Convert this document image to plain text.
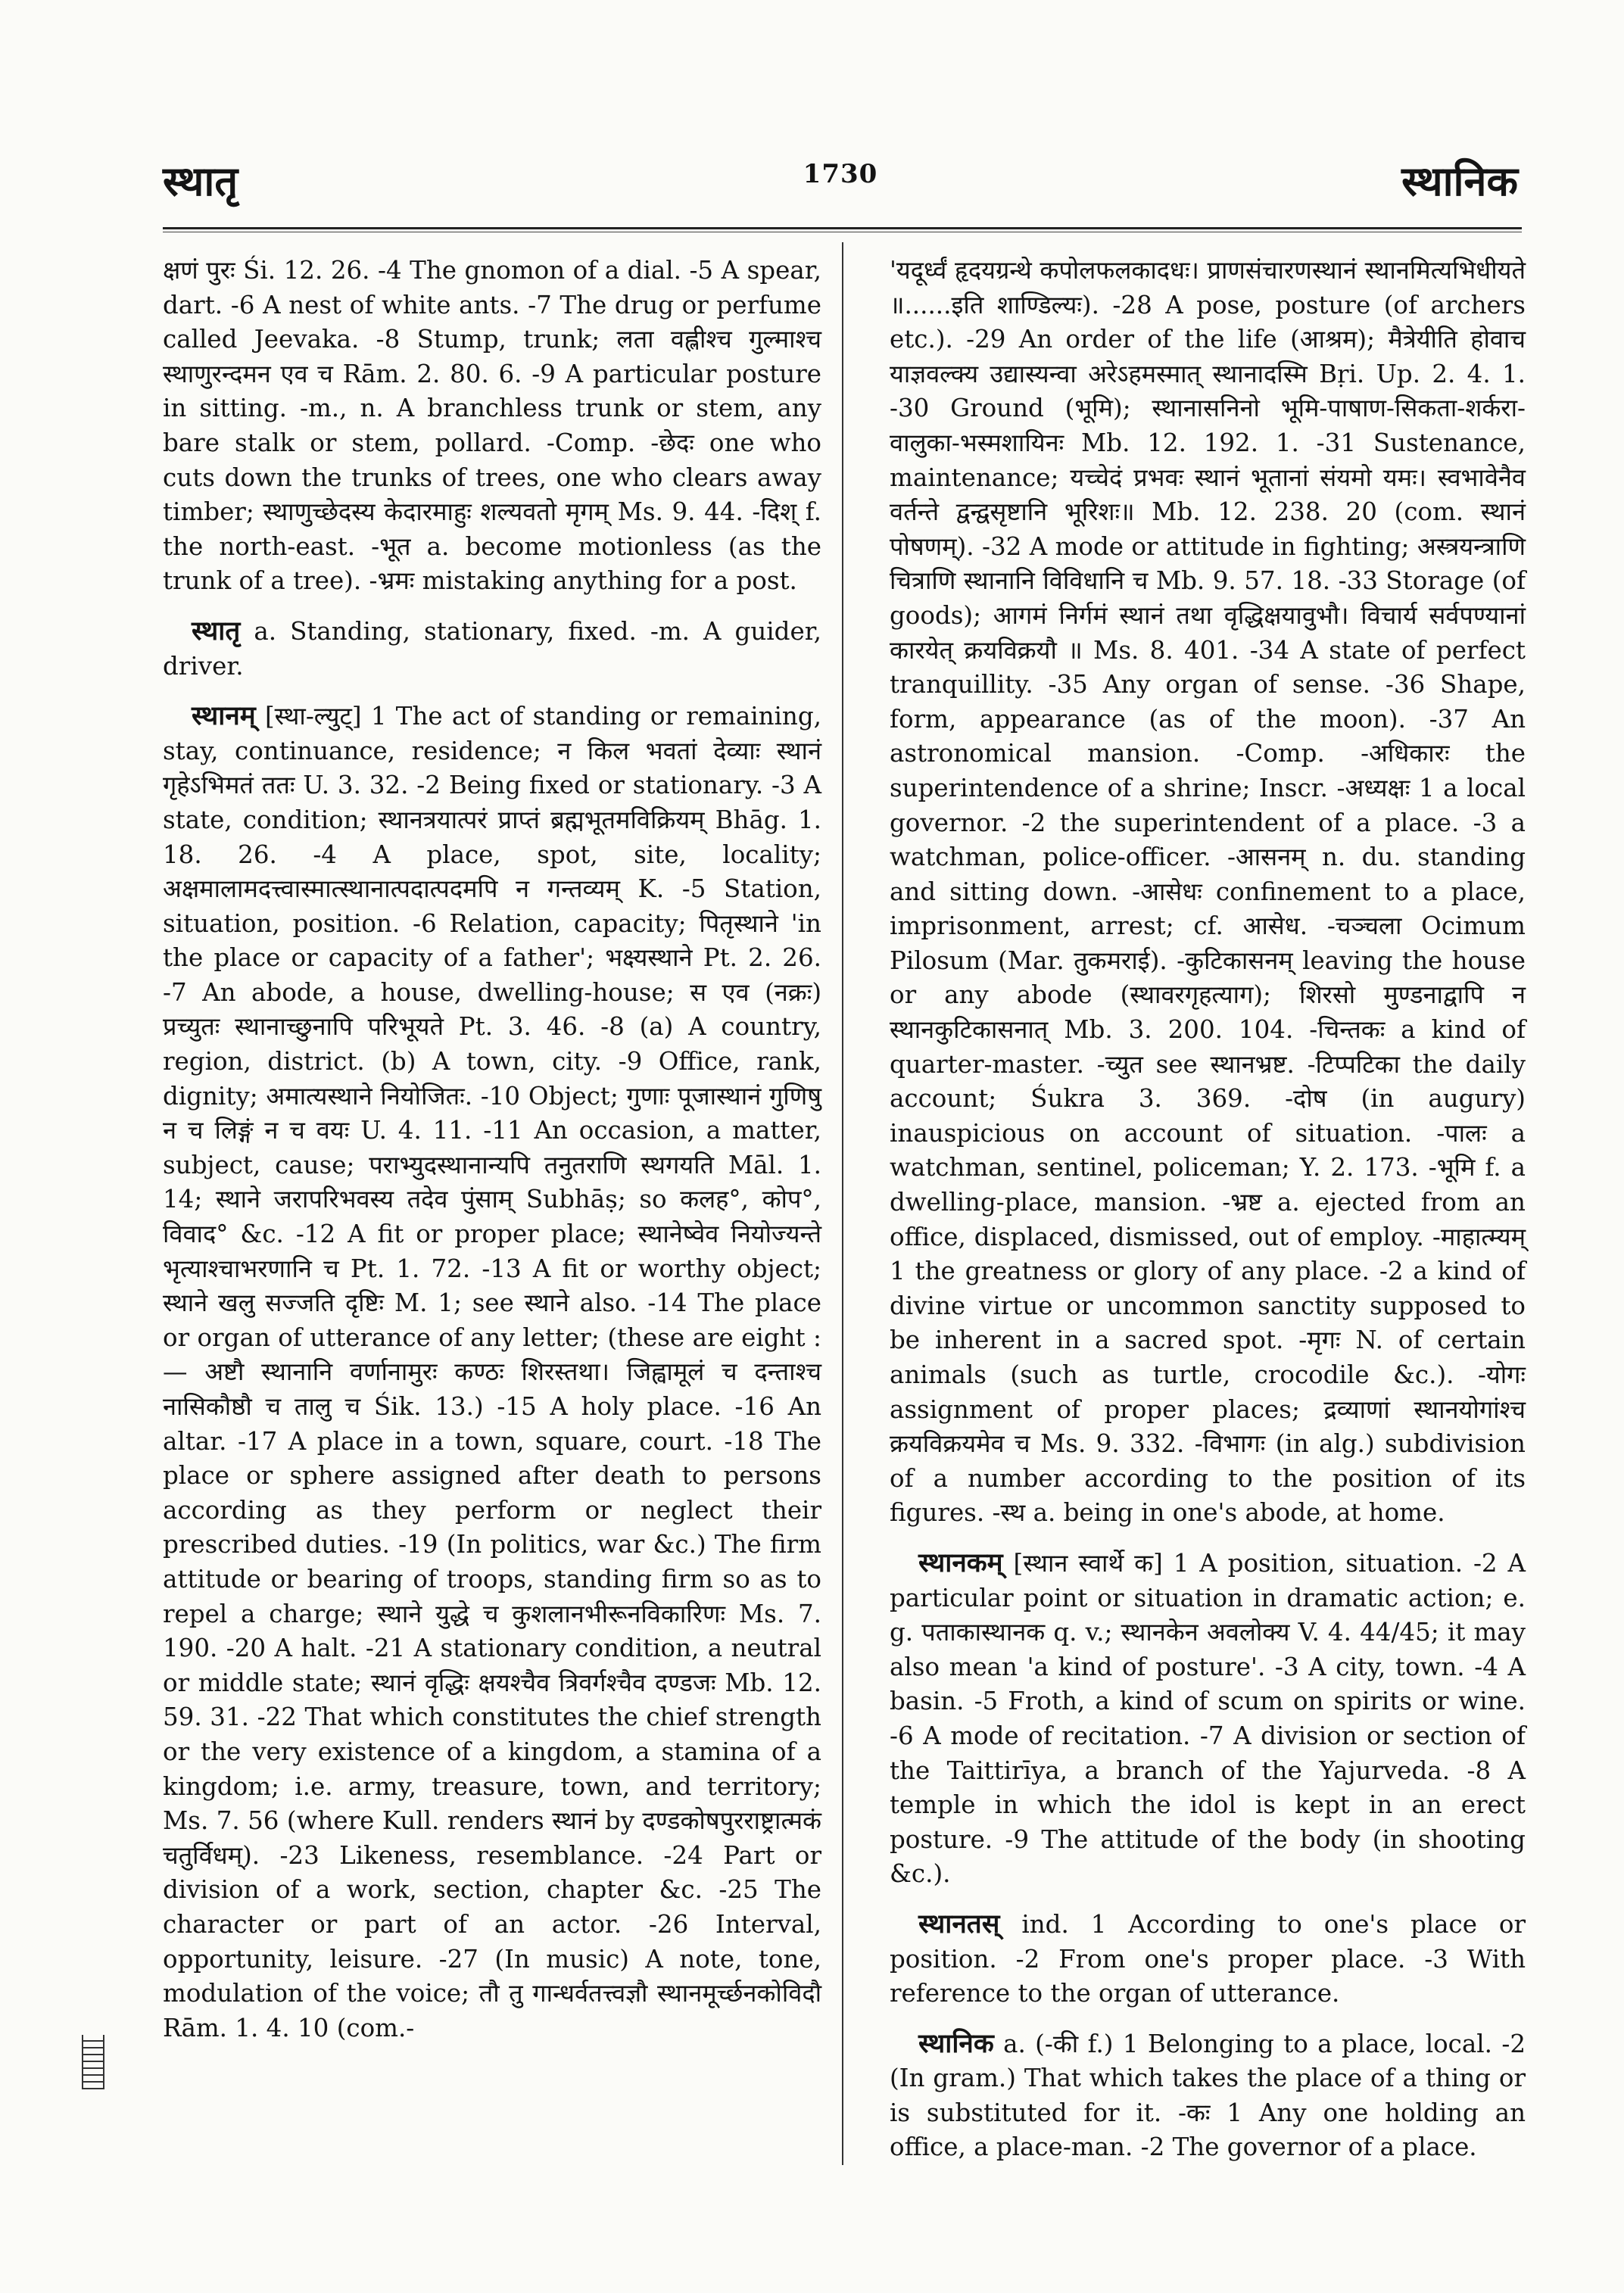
स्थातृ	1730	स्थानिक

क्षणं पुरः Śi. 12. 26. -4 The gnomon of a dial. -5 A spear, dart. -6 A nest of white ants. -7 The drug or perfume called Jeevaka. -8 Stump, trunk; लता वह्लीश्च गुल्माश्च स्थाणुरन्दमन एव च Rām. 2. 80. 6. -9 A particular posture in sitting. -m., n. A branchless trunk or stem, any bare stalk or stem, pollard. -Comp. -छेदः one who cuts down the trunks of trees, one who clears away timber; स्थाणुच्छेदस्य केदारमाहुः शल्यवतो मृगम् Ms. 9. 44. -दिश् f. the north-east. -भूत a. become motionless (as the trunk of a tree). -भ्रमः mistaking anything for a post.

स्थातृ a. Standing, stationary, fixed. -m. A guider, driver.

स्थानम् [स्था-ल्युट्] 1 The act of standing or remaining, stay, continuance, residence; न किल भवतां देव्याः स्थानं गृहेऽभिमतं ततः U. 3. 32. -2 Being fixed or stationary. -3 A state, condition; स्थानत्रयात्परं प्राप्तं ब्रह्मभूतमविक्रियम् Bhāg. 1. 18. 26. -4 A place, spot, site, locality; अक्षमालामदत्त्वास्मात्स्थानात्पदात्पदमपि न गन्तव्यम् K. -5 Station, situation, position. -6 Relation, capacity; पितृस्थाने 'in the place or capacity of a father'; भक्ष्यस्थाने Pt. 2. 26. -7 An abode, a house, dwelling-house; स एव (नक्रः) प्रच्युतः स्थानाच्छुनापि परिभूयते Pt. 3. 46. -8 (a) A country, region, district. (b) A town, city. -9 Office, rank, dignity; अमात्यस्थाने नियोजितः. -10 Object; गुणाः पूजास्थानं गुणिषु न च लिङ्गं न च वयः U. 4. 11. -11 An occasion, a matter, subject, cause; पराभ्युदस्थानान्यपि तनुतराणि स्थगयति Māl. 1. 14; स्थाने जरापरिभवस्य तदेव पुंसाम् Subhāṣ; so कलह°, कोप°, विवाद° &c. -12 A fit or proper place; स्थानेष्वेव नियोज्यन्ते भृत्याश्चाभरणानि च Pt. 1. 72. -13 A fit or worthy object; स्थाने खलु सज्जति दृष्टिः M. 1; see स्थाने also. -14 The place or organ of utterance of any letter; (these are eight :— अष्टौ स्थानानि वर्णानामुरः कण्ठः शिरस्तथा। जिह्वामूलं च दन्ताश्च नासिकौष्ठौ च तालु च Śik. 13.) -15 A holy place. -16 An altar. -17 A place in a town, square, court. -18 The place or sphere assigned after death to persons according as they perform or neglect their prescribed duties. -19 (In politics, war &c.) The firm attitude or bearing of troops, standing firm so as to repel a charge; स्थाने युद्धे च कुशलानभीरूनविकारिणः Ms. 7. 190. -20 A halt. -21 A stationary condition, a neutral or middle state; स्थानं वृद्धिः क्षयश्चैव त्रिवर्गश्चैव दण्डजः Mb. 12. 59. 31. -22 That which constitutes the chief strength or the very existence of a kingdom, a stamina of a kingdom; i.e. army, treasure, town, and territory; Ms. 7. 56 (where Kull. renders स्थानं by दण्डकोषपुरराष्ट्रात्मकं चतुर्विधम्). -23 Likeness, resemblance. -24 Part or division of a work, section, chapter &c. -25 The character or part of an actor. -26 Interval, opportunity, leisure. -27 (In music) A note, tone, modulation of the voice; तौ तु गान्धर्वतत्त्वज्ञौ स्थानमूर्च्छनकोविदौ Rām. 1. 4. 10 (com.-

'यदूर्ध्वं हृदयग्रन्थे कपोलफलकादधः। प्राणसंचारणस्थानं स्थानमित्यभिधीयते ॥......इति शाण्डिल्यः). -28 A pose, posture (of archers etc.). -29 An order of the life (आश्रम); मैत्रेयीति होवाच याज्ञवल्क्य उद्यास्यन्वा अरेऽहमस्मात् स्थानादस्मि Bṛi. Up. 2. 4. 1. -30 Ground (भूमि); स्थानासनिनो भूमि-पाषाण-सिकता-शर्करा-वालुका-भस्मशायिनः Mb. 12. 192. 1. -31 Sustenance, maintenance; यच्चेदं प्रभवः स्थानं भूतानां संयमो यमः। स्वभावेनैव वर्तन्ते द्वन्द्वसृष्टानि भूरिशः॥ Mb. 12. 238. 20 (com. स्थानं पोषणम्). -32 A mode or attitude in fighting; अस्त्रयन्त्राणि चित्राणि स्थानानि विविधानि च Mb. 9. 57. 18. -33 Storage (of goods); आगमं निर्गमं स्थानं तथा वृद्धिक्षयावुभौ। विचार्य सर्वपण्यानां कारयेत् क्रयविक्रयौ ॥ Ms. 8. 401. -34 A state of perfect tranquillity. -35 Any organ of sense. -36 Shape, form, appearance (as of the moon). -37 An astronomical mansion. -Comp. -अधिकारः the superintendence of a shrine; Inscr. -अध्यक्षः 1 a local governor. -2 the superintendent of a place. -3 a watchman, police-officer. -आसनम् n. du. standing and sitting down. -आसेधः confinement to a place, imprisonment, arrest; cf. आसेध. -चञ्चला Ocimum Pilosum (Mar. तुकमराई). -कुटिकासनम् leaving the house or any abode (स्थावरगृहत्याग); शिरसो मुण्डनाद्वापि न स्थानकुटिकासनात् Mb. 3. 200. 104. -चिन्तकः a kind of quarter-master. -च्युत see स्थानभ्रष्ट. -टिप्पटिका the daily account; Śukra 3. 369. -दोष (in augury) inauspicious on account of situation. -पालः a watchman, sentinel, policeman; Y. 2. 173. -भूमि f. a dwelling-place, mansion. -भ्रष्ट a. ejected from an office, displaced, dismissed, out of employ. -माहात्म्यम् 1 the greatness or glory of any place. -2 a kind of divine virtue or uncommon sanctity supposed to be inherent in a sacred spot. -मृगः N. of certain animals (such as turtle, crocodile &c.). -योगः assignment of proper places; द्रव्याणां स्थानयोगांश्च क्रयविक्रयमेव च Ms. 9. 332. -विभागः (in alg.) subdivision of a number according to the position of its figures. -स्थ a. being in one's abode, at home.

स्थानकम् [स्थान स्वार्थे क] 1 A position, situation. -2 A particular point or situation in dramatic action; e. g. पताकास्थानक q. v.; स्थानकेन अवलोक्य V. 4. 44/45; it may also mean 'a kind of posture'. -3 A city, town. -4 A basin. -5 Froth, a kind of scum on spirits or wine. -6 A mode of recitation. -7 A division or section of the Taittirīya, a branch of the Yajurveda. -8 A temple in which the idol is kept in an erect posture. -9 The attitude of the body (in shooting &c.).

स्थानतस् ind. 1 According to one's place or position. -2 From one's proper place. -3 With reference to the organ of utterance.

स्थानिक a. (-की f.) 1 Belonging to a place, local. -2 (In gram.) That which takes the place of a thing or is substituted for it. -कः 1 Any one holding an office, a place-man. -2 The governor of a place.
